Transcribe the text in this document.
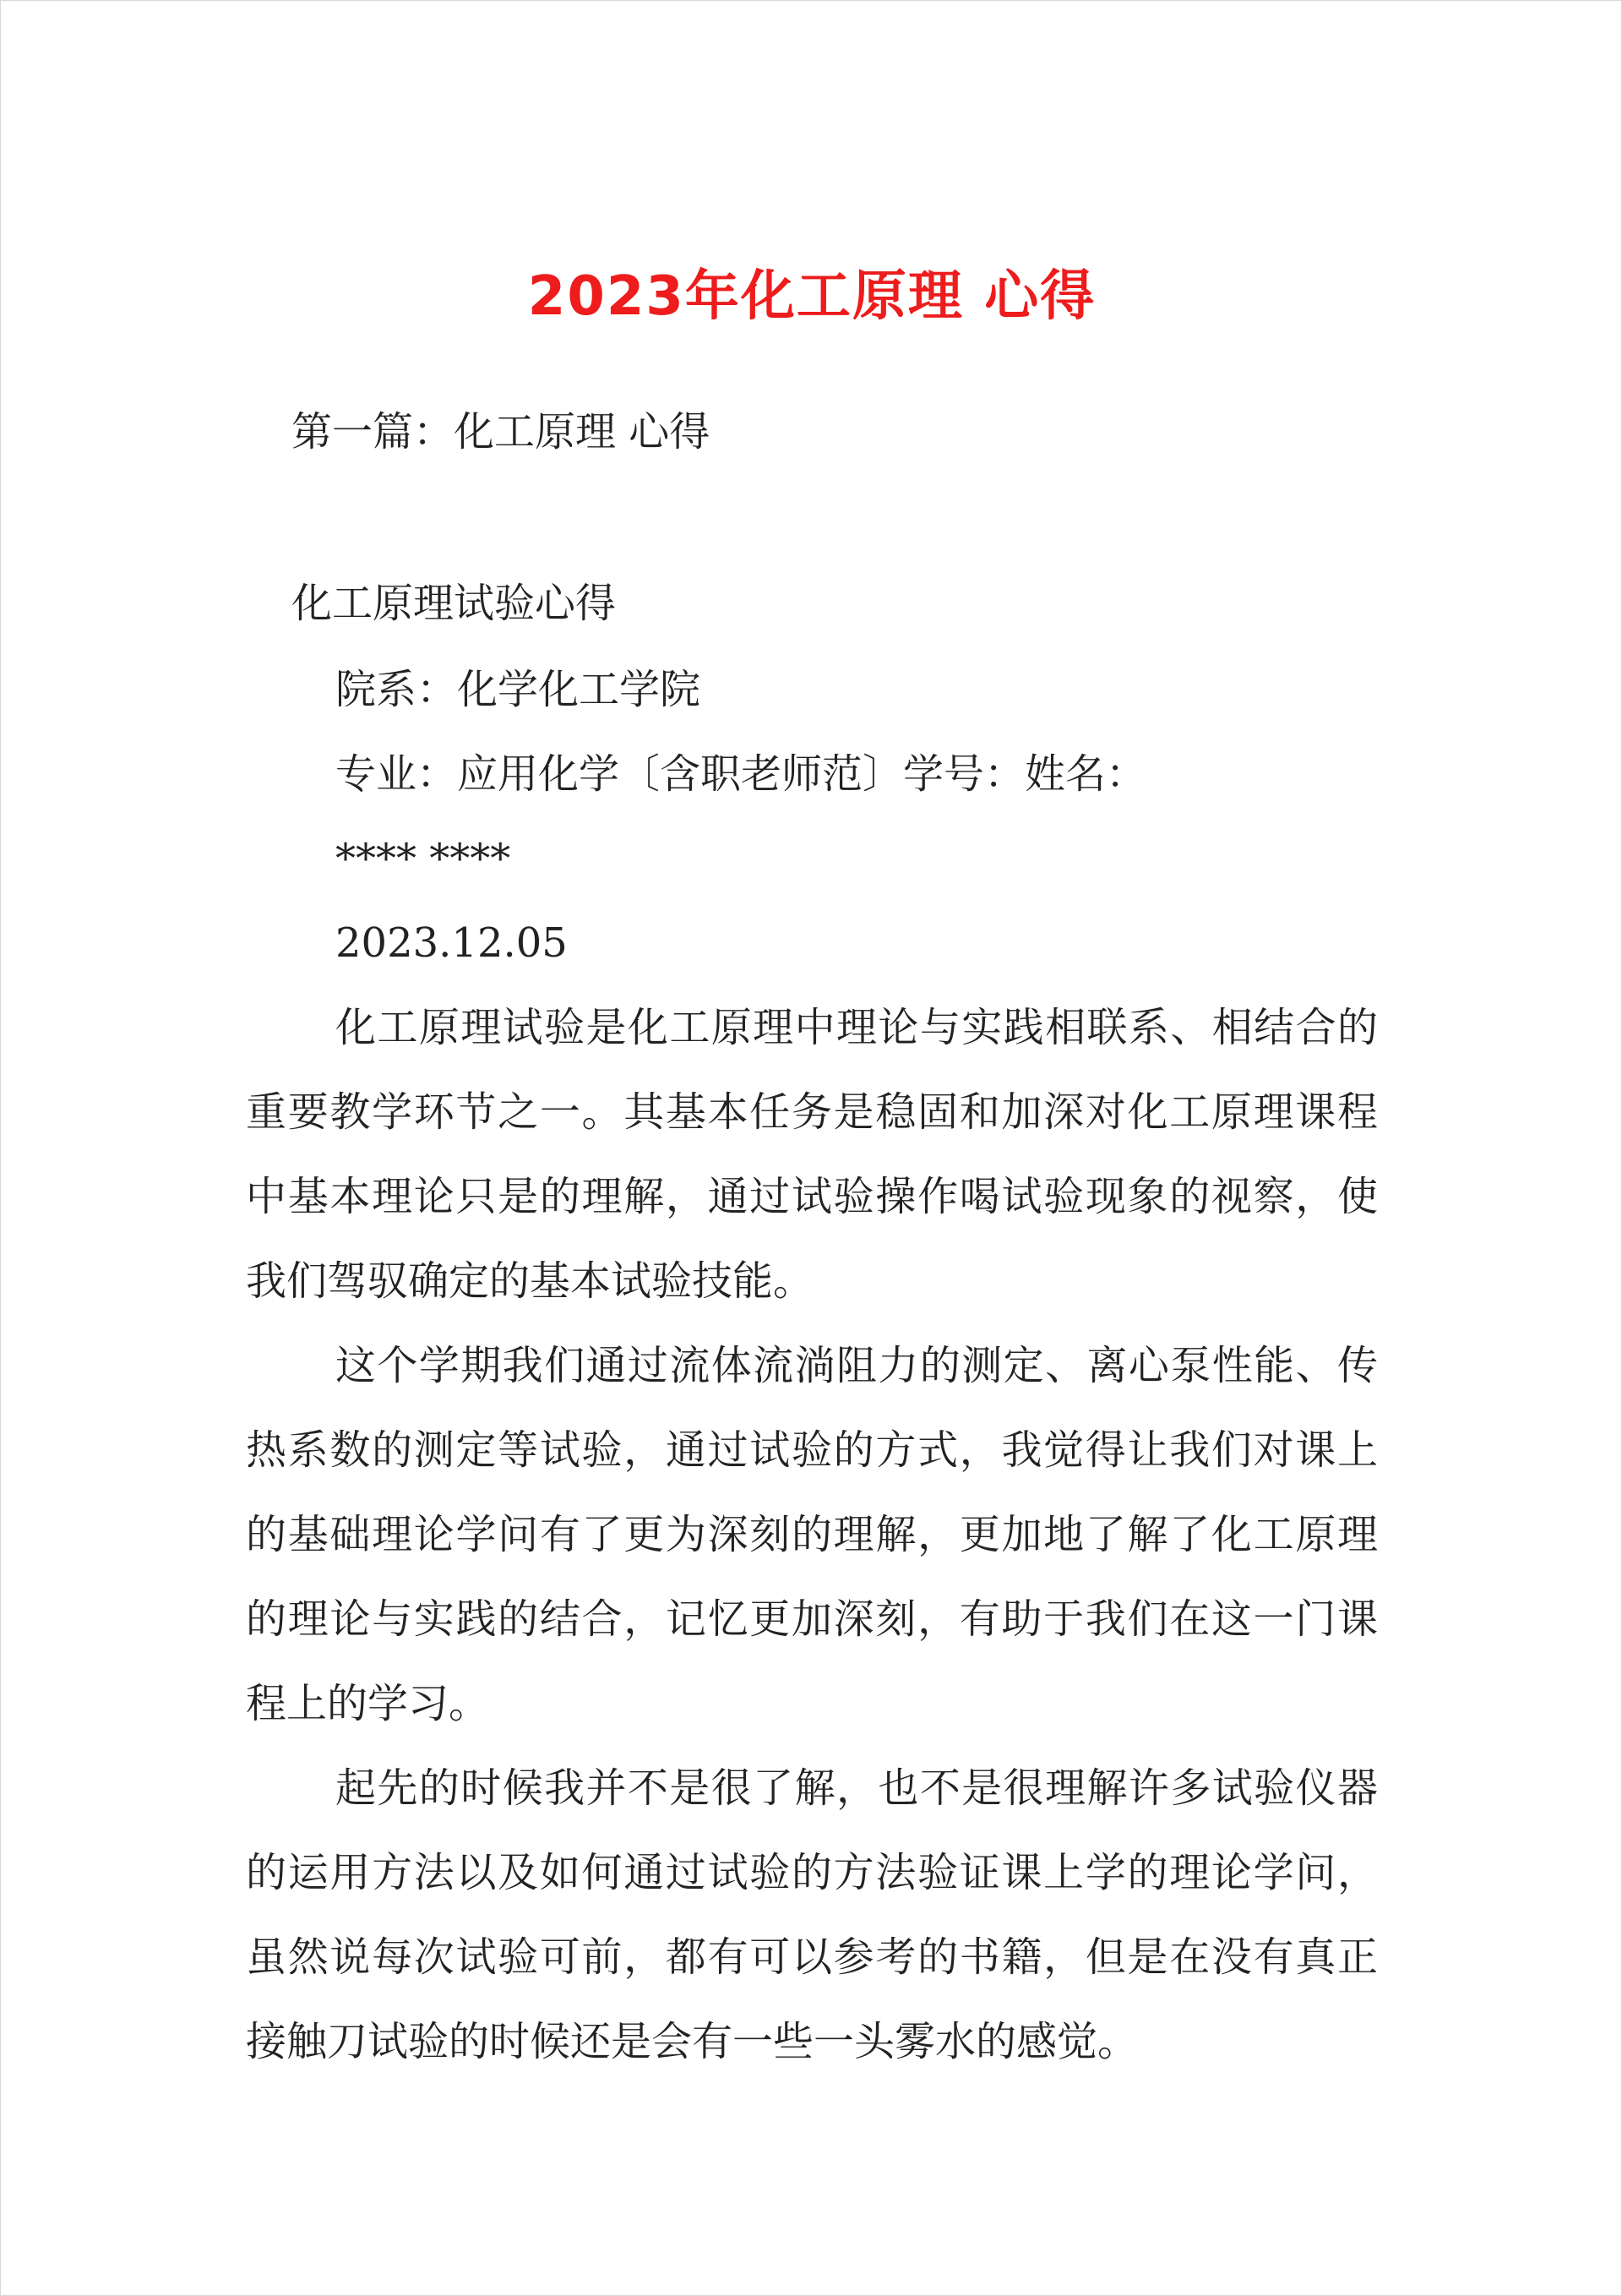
2023年化工原理 心得
第一篇：化工原理 心得
化工原理试验心得
院系：化学化工学院
专业：应用化学〔含职老师范〕学号：姓名：
**** ****
2023.12.05

化工原理试验是化工原理中理论与实践相联系、相结合的重要教学环节之一。其基本任务是稳固和加深对化工原理课程中基本理论只是的理解，通过试验操作喝试验现象的视察，使我们驾驭确定的基本试验技能。

这个学期我们通过流体流淌阻力的测定、离心泵性能、传热系数的测定等试验，通过试验的方式，我觉得让我们对课上的基础理论学问有了更为深刻的理解，更加地了解了化工原理的理论与实践的结合，记忆更加深刻，有助于我们在这一门课程上的学习。

起先的时候我并不是很了解，也不是很理解许多试验仪器的运用方法以及如何通过试验的方法验证课上学的理论学问，虽然说每次试验可前，都有可以参考的书籍，但是在没有真正接触刀试验的时候还是会有一些一头雾水的感觉。
